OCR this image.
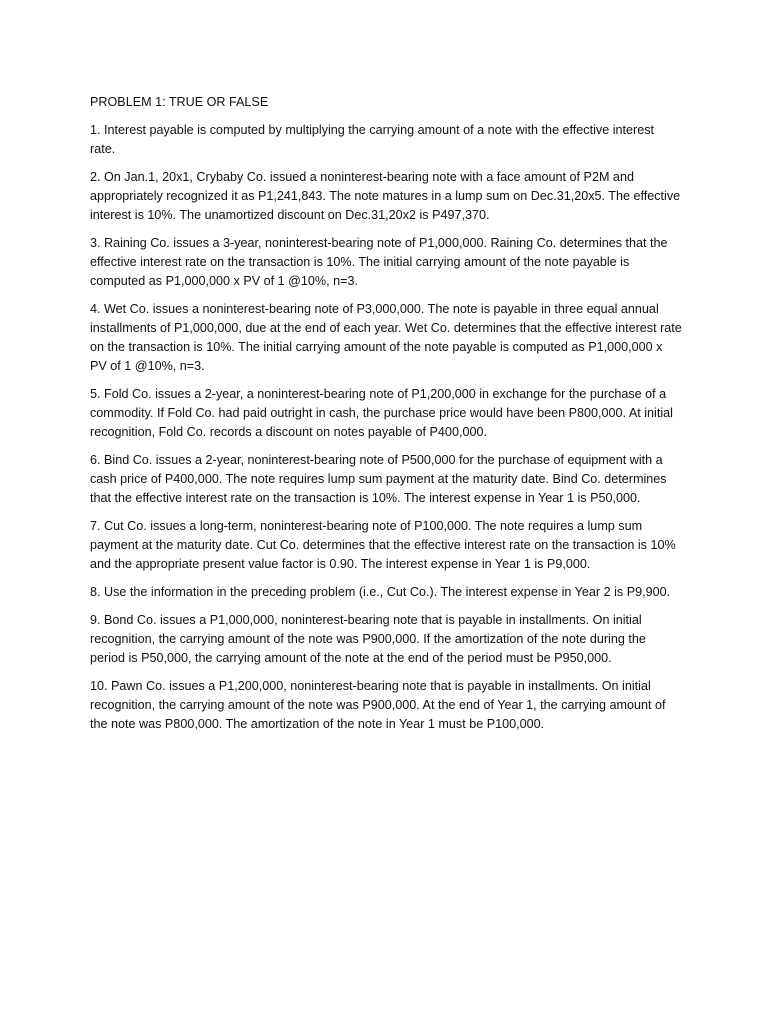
PROBLEM 1: TRUE OR FALSE

1. Interest payable is computed by multiplying the carrying amount of a note with the effective interest rate.

2. On Jan.1, 20x1, Crybaby Co. issued a noninterest-bearing note with a face amount of P2M and appropriately recognized it as P1,241,843. The note matures in a lump sum on Dec.31,20x5. The effective interest is 10%. The unamortized discount on Dec.31,20x2 is P497,370.

3. Raining Co. issues a 3-year, noninterest-bearing note of P1,000,000. Raining Co. determines that the effective interest rate on the transaction is 10%. The initial carrying amount of the note payable is computed as P1,000,000 x PV of 1 @10%, n=3.

4. Wet Co. issues a noninterest-bearing note of P3,000,000. The note is payable in three equal annual installments of P1,000,000, due at the end of each year. Wet Co. determines that the effective interest rate on the transaction is 10%. The initial carrying amount of the note payable is computed as P1,000,000 x PV of 1 @10%, n=3.

5. Fold Co. issues a 2-year, a noninterest-bearing note of P1,200,000 in exchange for the purchase of a commodity. If Fold Co. had paid outright in cash, the purchase price would have been P800,000. At initial recognition, Fold Co. records a discount on notes payable of P400,000.

6. Bind Co. issues a 2-year, noninterest-bearing note of P500,000 for the purchase of equipment with a cash price of P400,000. The note requires lump sum payment at the maturity date. Bind Co. determines that the effective interest rate on the transaction is 10%. The interest expense in Year 1 is P50,000.

7. Cut Co. issues a long-term, noninterest-bearing note of P100,000. The note requires a lump sum payment at the maturity date. Cut Co. determines that the effective interest rate on the transaction is 10% and the appropriate present value factor is 0.90. The interest expense in Year 1 is P9,000.

8. Use the information in the preceding problem (i.e., Cut Co.). The interest expense in Year 2 is P9,900.

9. Bond Co. issues a P1,000,000, noninterest-bearing note that is payable in installments. On initial recognition, the carrying amount of the note was P900,000. If the amortization of the note during the period is P50,000, the carrying amount of the note at the end of the period must be P950,000.

10. Pawn Co. issues a P1,200,000, noninterest-bearing note that is payable in installments. On initial recognition, the carrying amount of the note was P900,000. At the end of Year 1, the carrying amount of the note was P800,000. The amortization of the note in Year 1 must be P100,000.
